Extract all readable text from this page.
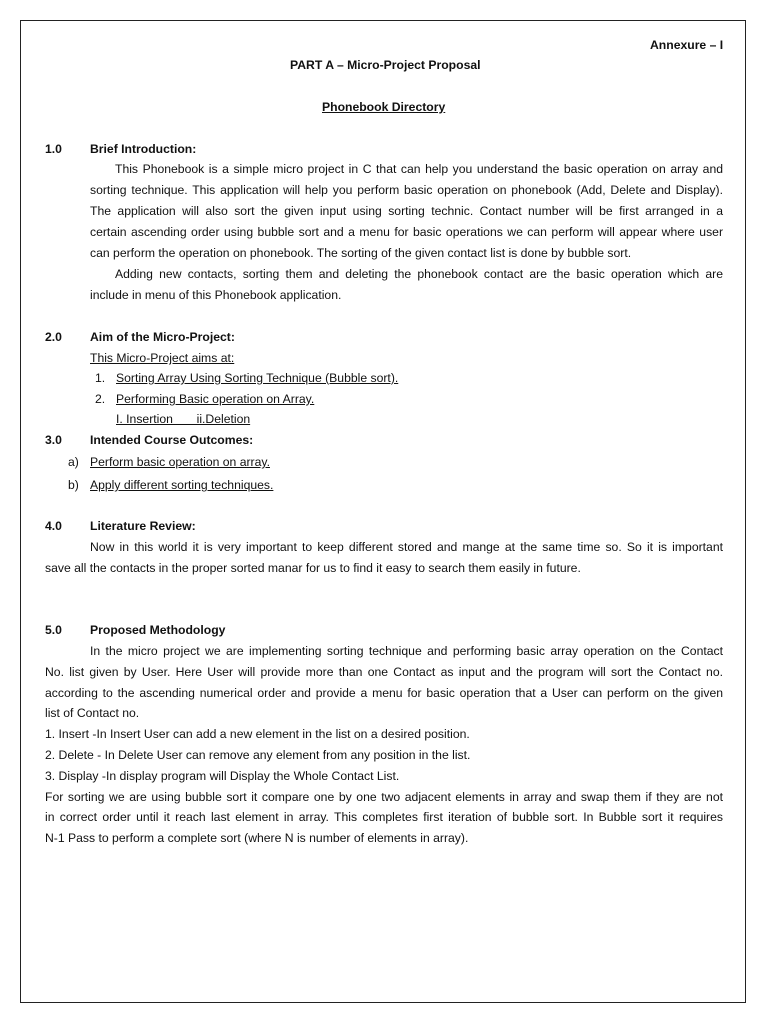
Annexure – I
PART A – Micro-Project Proposal
Phonebook Directory
1.0 Brief Introduction:
This Phonebook is a simple micro project in C that can help you understand the basic operation on array and
sorting technique. This application will help you perform basic operation on phonebook (Add, Delete and Display).
The application will also sort the given input using sorting technic. Contact number will be first arranged in a
certain ascending order using bubble sort and a menu for basic operations we can perform will appear where user
can perform the operation on phonebook. The sorting of the given contact list is done by bubble sort.
Adding new contacts, sorting them and deleting the phonebook contact are the basic operation which are
include in menu of this Phonebook application.
2.0 Aim of the Micro-Project:
This Micro-Project aims at:
1. Sorting Array Using Sorting Technique (Bubble sort).
2. Performing Basic operation on Array.
I. Insertion       ii.Deletion
3.0 Intended Course Outcomes:
a) Perform basic operation on array.
b) Apply different sorting techniques.
4.0 Literature Review:
Now in this world it is very important to keep different stored and mange at the same time so. So it is important
save all the contacts in the proper sorted manar for us to find it easy to search them easily in future.
5.0 Proposed Methodology
In the micro project we are implementing sorting technique and performing basic array operation on the Contact
No. list given by User. Here User will provide more than one Contact as input and the program will sort the Contact no.
according to the ascending numerical order and provide a menu for basic operation that a User can perform on the given
list of Contact no.
1. Insert -In Insert User can add a new element in the list on a desired position.
2. Delete - In Delete User can remove any element from any position in the list.
3. Display -In display program will Display the Whole Contact List.
For sorting we are using bubble sort it compare one by one two adjacent elements in array and swap them if they are not
in correct order until it reach last element in array. This completes first iteration of bubble sort. In Bubble sort it requires
N-1 Pass to perform a complete sort (where N is number of elements in array).
